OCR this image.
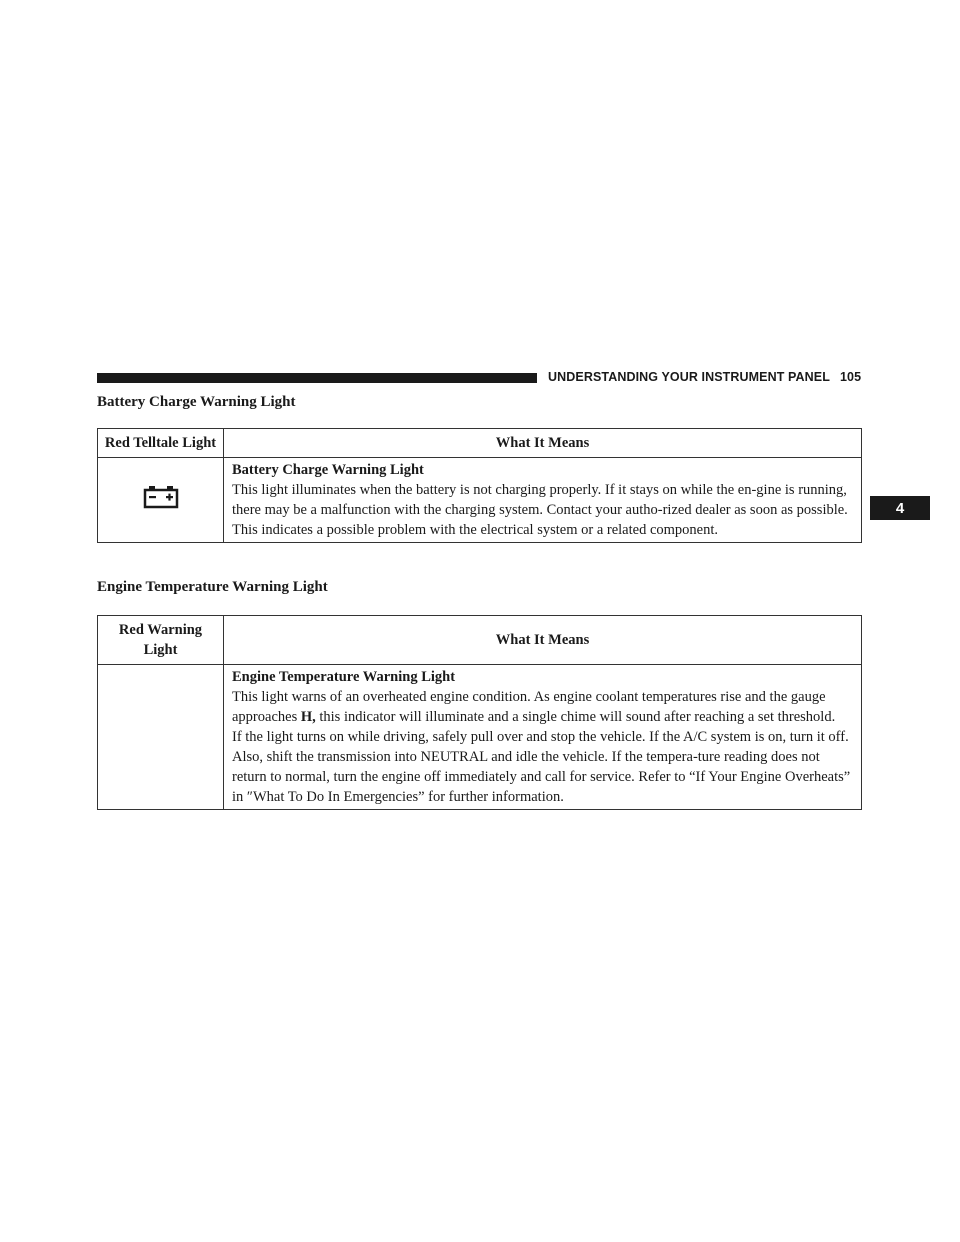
UNDERSTANDING YOUR INSTRUMENT PANEL 105
4
Battery Charge Warning Light
Red Telltale Light	What It Means

Battery Charge Warning Light

This light illuminates when the battery is not charging properly. If it stays on while the en-gine is running, there may be a malfunction with the charging system. Contact your autho-rized dealer as soon as possible. This indicates a possible problem with the electrical system or a related component.

Engine Temperature Warning Light
Red Warning Light	What It Means

	Engine Temperature Warning Light

This light warns of an overheated engine condition. As engine coolant temperatures rise and the gauge approaches H, this indicator will illuminate and a single chime will sound after reaching a set threshold.

If the light turns on while driving, safely pull over and stop the vehicle. If the A/C system is on, turn it off. Also, shift the transmission into NEUTRAL and idle the vehicle. If the tempera-ture reading does not return to normal, turn the engine off immediately and call for service. Refer to “If Your Engine Overheats” in ″What To Do In Emergencies” for further information.
